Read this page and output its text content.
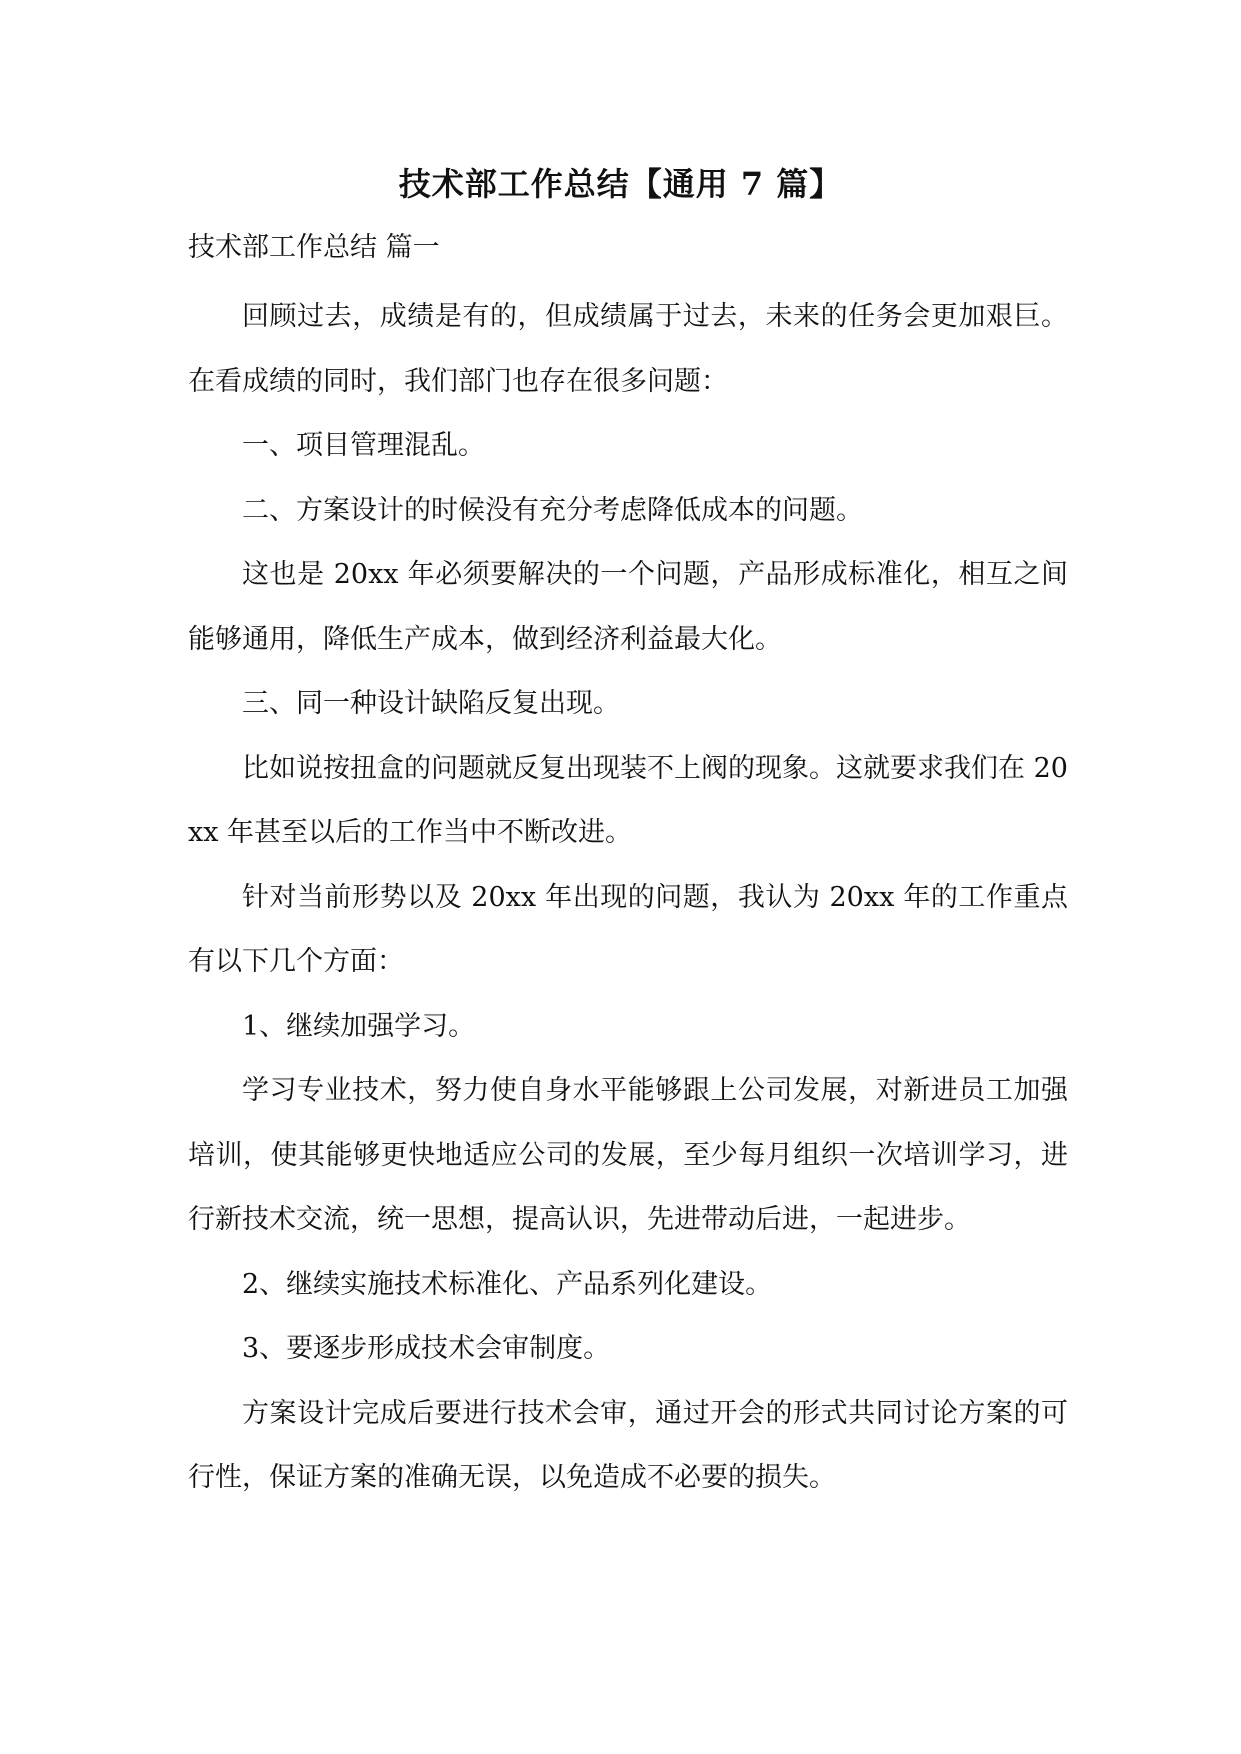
技术部工作总结【通用 7 篇】
技术部工作总结 篇一

回顾过去，成绩是有的，但成绩属于过去，未来的任务会更加艰巨。在看成绩的同时，我们部门也存在很多问题：

一、项目管理混乱。

二、方案设计的时候没有充分考虑降低成本的问题。

这也是 20xx 年必须要解决的一个问题，产品形成标准化，相互之间能够通用，降低生产成本，做到经济利益最大化。

三、同一种设计缺陷反复出现。

比如说按扭盒的问题就反复出现装不上阀的现象。这就要求我们在 20xx 年甚至以后的工作当中不断改进。

针对当前形势以及 20xx 年出现的问题，我认为 20xx 年的工作重点有以下几个方面：

1、继续加强学习。

学习专业技术，努力使自身水平能够跟上公司发展，对新进员工加强培训，使其能够更快地适应公司的发展，至少每月组织一次培训学习，进行新技术交流，统一思想，提高认识，先进带动后进，一起进步。

2、继续实施技术标准化、产品系列化建设。

3、要逐步形成技术会审制度。

方案设计完成后要进行技术会审，通过开会的形式共同讨论方案的可行性，保证方案的准确无误，以免造成不必要的损失。
